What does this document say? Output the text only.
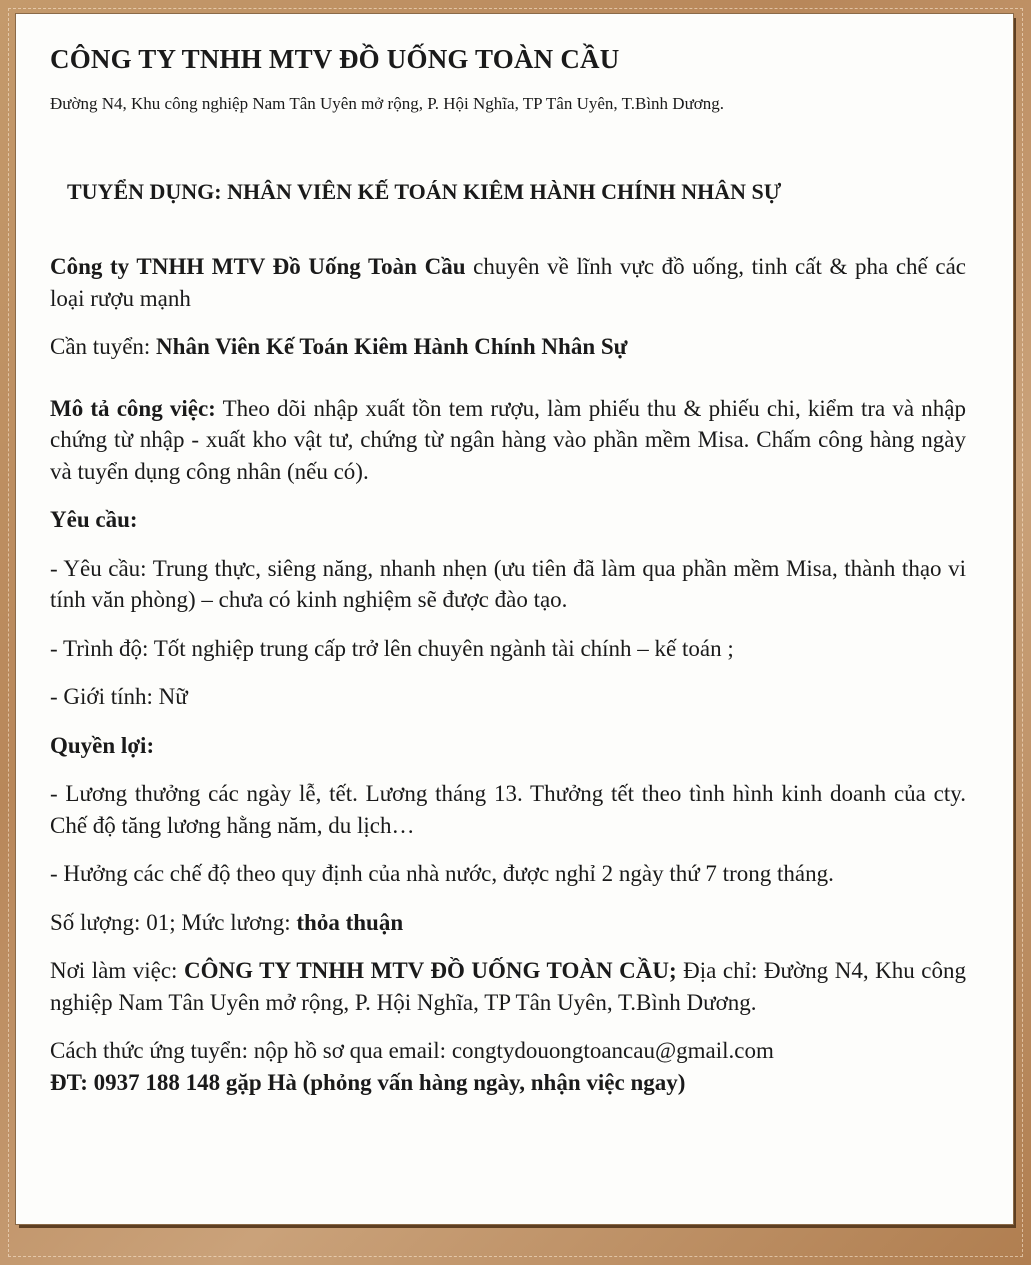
CÔNG TY TNHH MTV ĐỒ UỐNG TOÀN CẦU
Đường N4, Khu công nghiệp Nam Tân Uyên mở rộng, P. Hội Nghĩa, TP Tân Uyên, T.Bình Dương.
TUYỂN DỤNG: NHÂN VIÊN KẾ TOÁN KIÊM HÀNH CHÍNH NHÂN SỰ

Công ty TNHH MTV Đồ Uống Toàn Cầu chuyên về lĩnh vực đồ uống, tinh cất & pha chế các loại rượu mạnh

Cần tuyển: Nhân Viên Kế Toán Kiêm Hành Chính Nhân Sự

Mô tả công việc: Theo dõi nhập xuất tồn tem rượu, làm phiếu thu & phiếu chi, kiểm tra và nhập chứng từ nhập - xuất kho vật tư, chứng từ ngân hàng vào phần mềm Misa. Chấm công hàng ngày và tuyển dụng công nhân (nếu có).

Yêu cầu:

- Yêu cầu: Trung thực, siêng năng, nhanh nhẹn (ưu tiên đã làm qua phần mềm Misa, thành thạo vi tính văn phòng) – chưa có kinh nghiệm sẽ được đào tạo.

- Trình độ: Tốt nghiệp trung cấp trở lên chuyên ngành tài chính – kế toán ;

- Giới tính: Nữ

Quyền lợi:

- Lương thưởng các ngày lễ, tết. Lương tháng 13. Thưởng tết theo tình hình kinh doanh của cty. Chế độ tăng lương hằng năm, du lịch…

- Hưởng các chế độ theo quy định của nhà nước, được nghỉ 2 ngày thứ 7 trong tháng.

Số lượng: 01; Mức lương: thỏa thuận

Nơi làm việc: CÔNG TY TNHH MTV ĐỒ UỐNG TOÀN CẦU; Địa chỉ: Đường N4, Khu công nghiệp Nam Tân Uyên mở rộng, P. Hội Nghĩa, TP Tân Uyên, T.Bình Dương.

Cách thức ứng tuyển: nộp hồ sơ qua email: congtydouongtoancau@gmail.com

ĐT: 0937 188 148 gặp Hà (phỏng vấn hàng ngày, nhận việc ngay)
